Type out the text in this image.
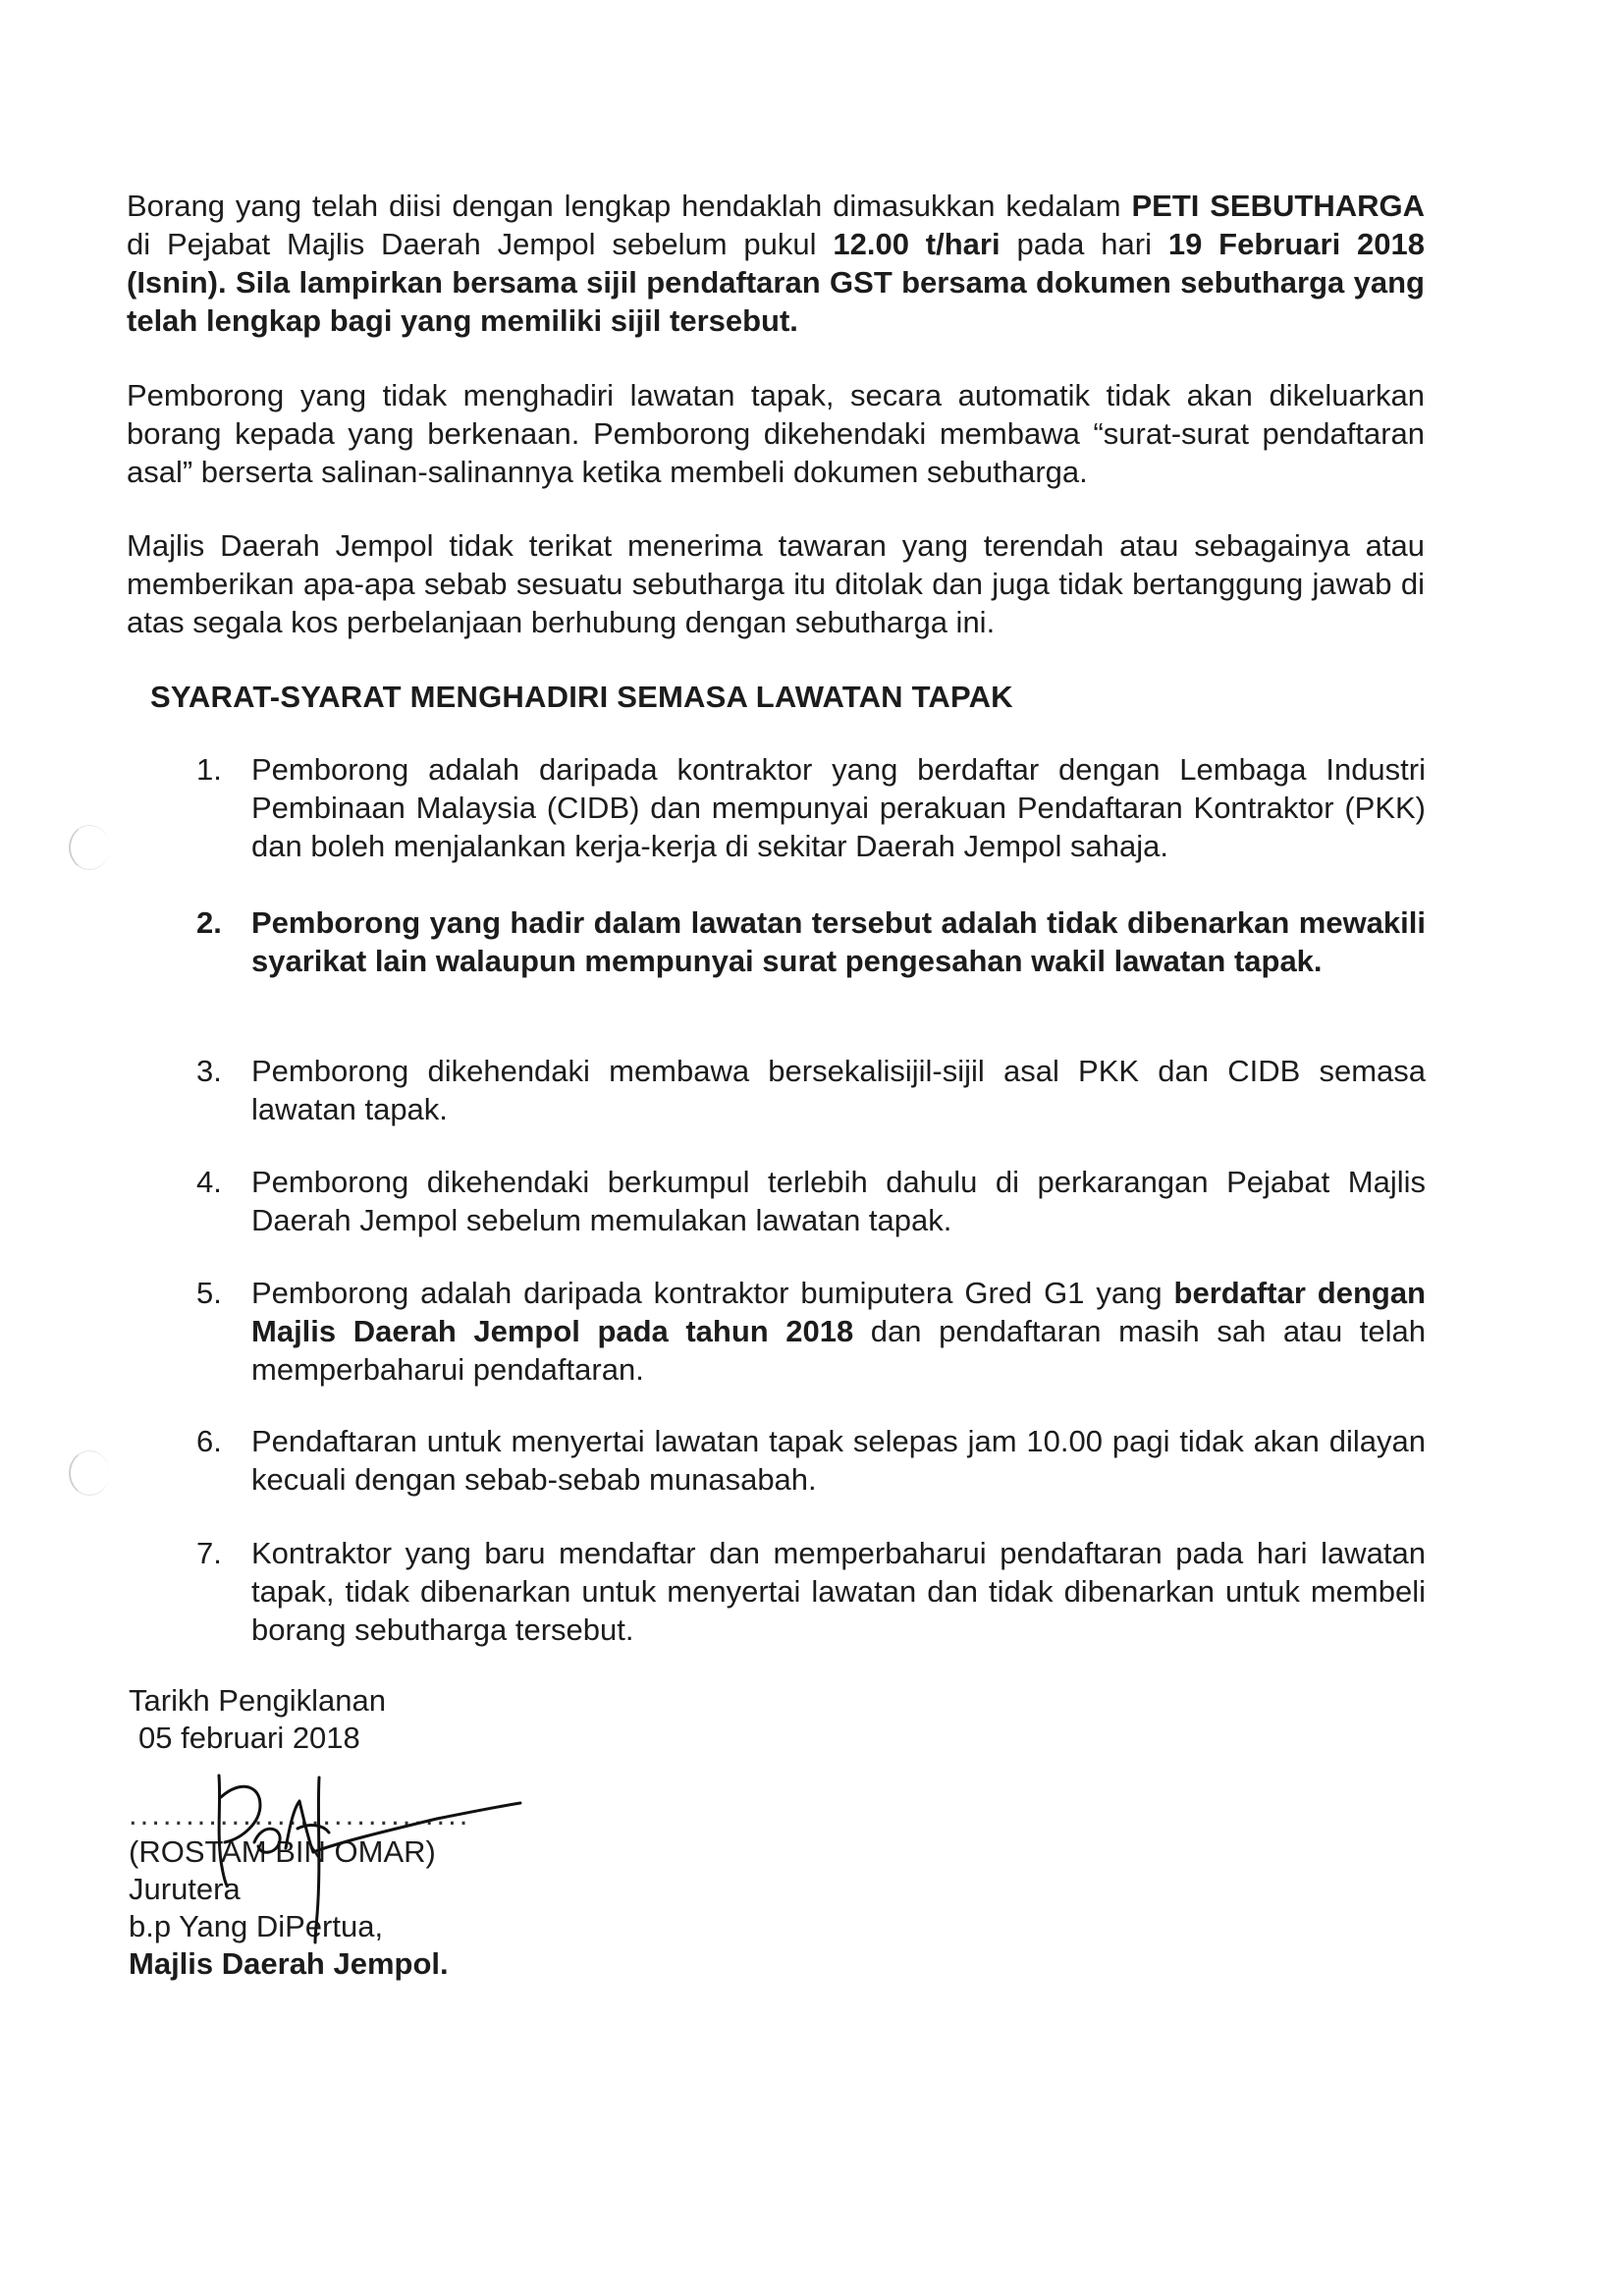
Borang yang telah diisi dengan lengkap hendaklah dimasukkan kedalam PETI SEBUTHARGA di Pejabat Majlis Daerah Jempol sebelum pukul 12.00 t/hari pada hari 19 Februari 2018 (Isnin). Sila lampirkan bersama sijil pendaftaran GST bersama dokumen sebutharga yang telah lengkap bagi yang memiliki sijil tersebut.
Pemborong yang tidak menghadiri lawatan tapak, secara automatik tidak akan dikeluarkan borang kepada yang berkenaan. Pemborong dikehendaki membawa “surat-surat pendaftaran asal” berserta salinan-salinannya ketika membeli dokumen sebutharga.
Majlis Daerah Jempol tidak terikat menerima tawaran yang terendah atau sebagainya atau memberikan apa-apa sebab sesuatu sebutharga itu ditolak dan juga tidak bertanggung jawab di atas segala kos perbelanjaan berhubung dengan sebutharga ini.
SYARAT-SYARAT MENGHADIRI SEMASA LAWATAN TAPAK
1. Pemborong adalah daripada kontraktor yang berdaftar dengan Lembaga Industri Pembinaan Malaysia (CIDB) dan mempunyai perakuan Pendaftaran Kontraktor (PKK) dan boleh menjalankan kerja-kerja di sekitar Daerah Jempol sahaja.
2. Pemborong yang hadir dalam lawatan tersebut adalah tidak dibenarkan mewakili syarikat lain walaupun mempunyai surat pengesahan wakil lawatan tapak.
3. Pemborong dikehendaki membawa bersekalisijil-sijil asal PKK dan CIDB semasa lawatan tapak.
4. Pemborong dikehendaki berkumpul terlebih dahulu di perkarangan Pejabat Majlis Daerah Jempol sebelum memulakan lawatan tapak.
5. Pemborong adalah daripada kontraktor bumiputera Gred G1 yang berdaftar dengan Majlis Daerah Jempol pada tahun 2018 dan pendaftaran masih sah atau telah memperbaharui pendaftaran.
6. Pendaftaran untuk menyertai lawatan tapak selepas jam 10.00 pagi tidak akan dilayan kecuali dengan sebab-sebab munasabah.
7. Kontraktor yang baru mendaftar dan memperbaharui pendaftaran pada hari lawatan tapak, tidak dibenarkan untuk menyertai lawatan dan tidak dibenarkan untuk membeli borang sebutharga tersebut.
Tarikh Pengiklanan
05 februari 2018
..............................
(ROSTAM BIN OMAR)
Jurutera
b.p Yang DiPertua,
Majlis Daerah Jempol.
